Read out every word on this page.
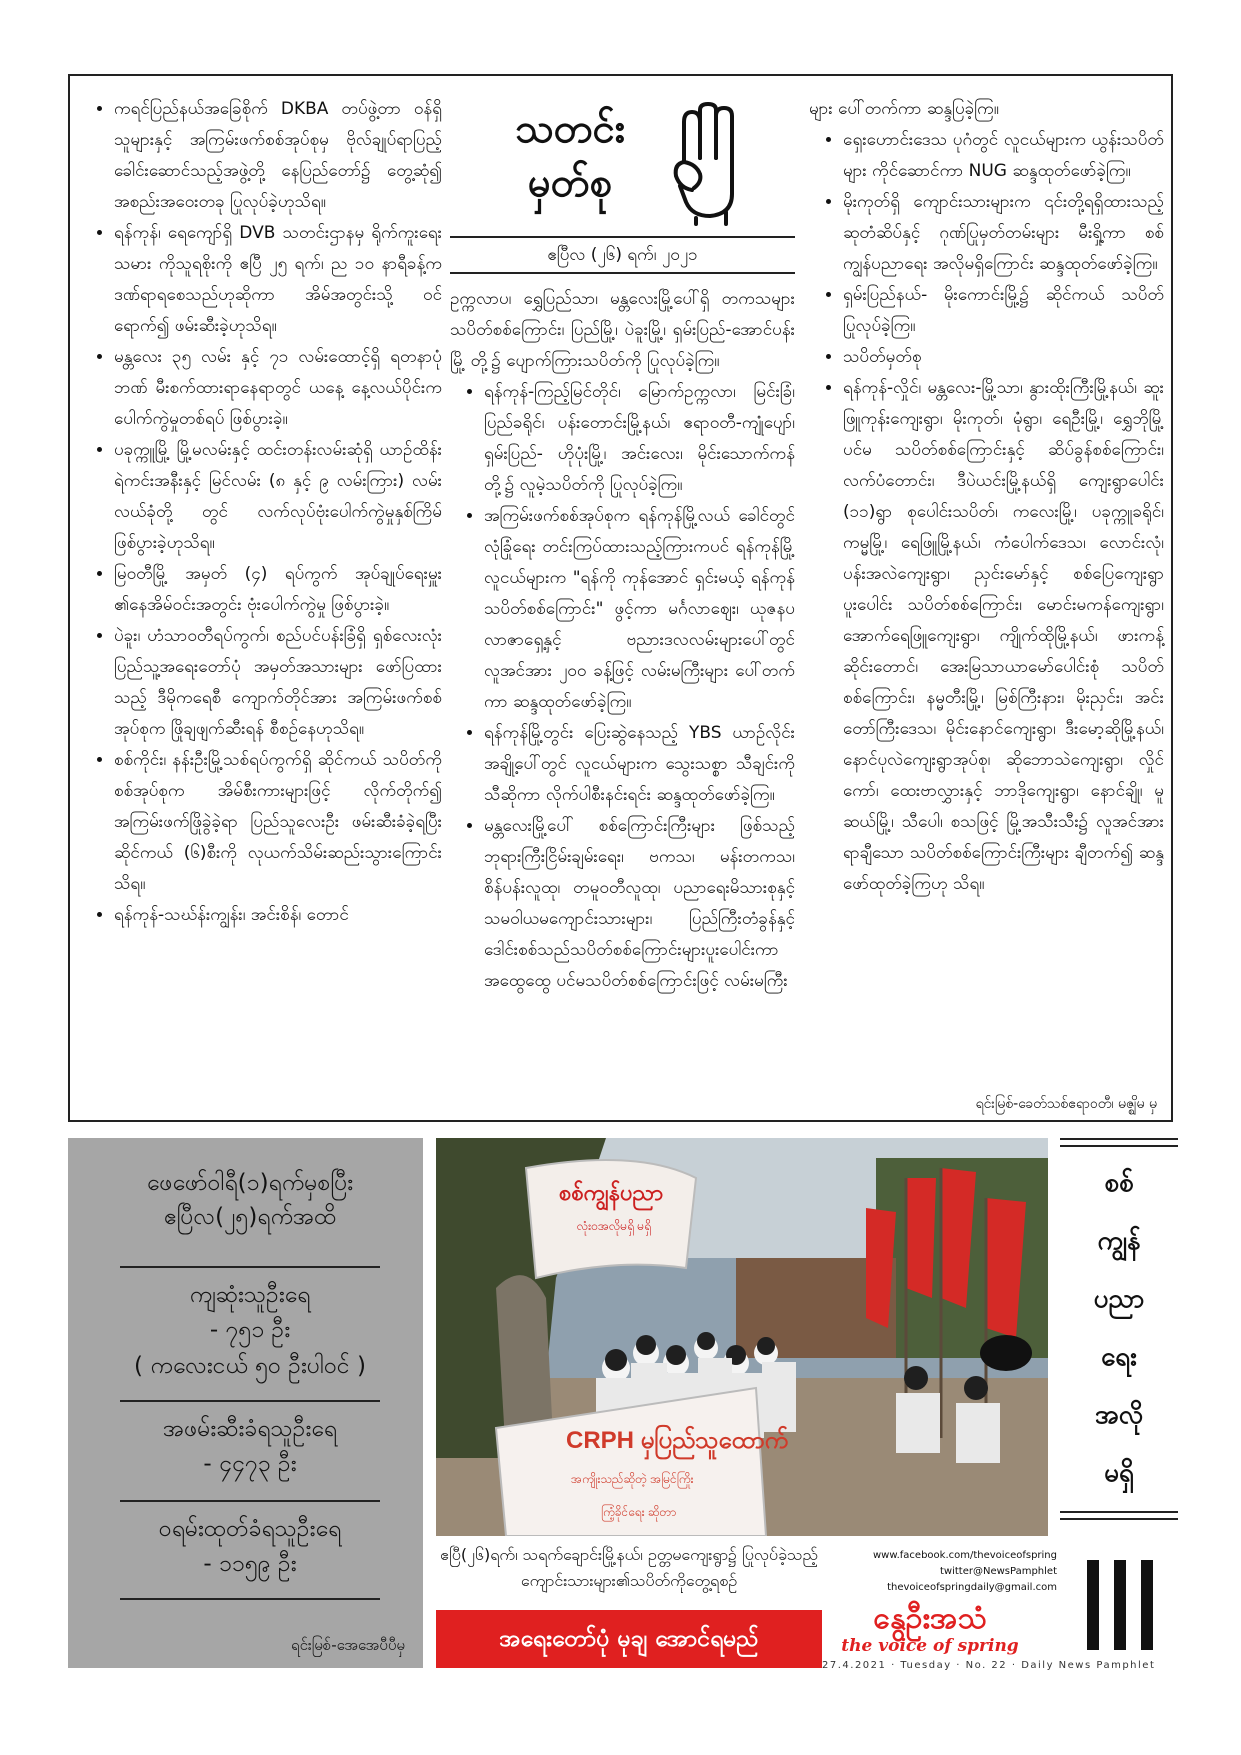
• ကရင်ပြည်နယ်အခြေစိုက် DKBA တပ်ဖွဲ့တာ ဝန်ရှိသူများနှင့် အကြမ်းဖက်စစ်အုပ်စုမှ ဗိုလ်ချုပ်ရာပြည့် ခေါင်းဆောင်သည့်အဖွဲ့တို့ နေပြည်တော်၌ တွေ့ဆုံ၍ အစည်းအဝေးတခု ပြုလုပ်ခဲ့ဟုသိရ။
• ရန်ကုန်၊ ရေကျော်ရှိ DVB သတင်းဌာနမှ ရိုက်ကူးရေးသမား ကိုသူရစိုးကို ဧပြီ ၂၅ ရက်၊ ည ၁၀ နာရီခန့်က ဒဏ်ရာရစေသည်ဟုဆိုကာ အိမ်အတွင်းသို့ ဝင်ရောက်၍ ဖမ်းဆီးခဲ့ဟုသိရ။
• မန္တလေး ၃၅ လမ်း နှင့် ၇၁ လမ်းထောင့်ရှိ ရတနာပုံဘဏ် မီးစက်ထားရာနေရာတွင် ယနေ့ နေ့လယ်ပိုင်းက ပေါက်ကွဲမှုတစ်ရပ် ဖြစ်ပွားခဲ့။
• ပခုက္ကူမြို့ မြို့မလမ်းနှင့် ထင်းတန်းလမ်းဆုံရှိ ယာဉ်ထိန်းရဲကင်းအနီးနှင့် မြင်လမ်း (၈ နှင့် ၉ လမ်းကြား) လမ်းလယ်ခုံတို့ တွင် လက်လုပ်ဗုံးပေါက်ကွဲမှုနှစ်ကြိမ် ဖြစ်ပွားခဲ့ဟုသိရ။
• မြဝတီမြို့ အမှတ် (၄) ရပ်ကွက် အုပ်ချုပ်ရေးမှူး ၏နေအိမ်ဝင်းအတွင်း ဗုံးပေါက်ကွဲမှု ဖြစ်ပွားခဲ့။
• ပဲခူး၊ ဟံသာဝတီရပ်ကွက်၊ စည်ပင်ပန်းခြံရှိ ရှစ်လေးလုံး ပြည်သူ့အရေးတော်ပုံ အမှတ်အသားများ ဖော်ပြထားသည့် ဒီမိုကရေစီ ကျောက်တိုင်အား အကြမ်းဖက်စစ်အုပ်စုက ဖြိုချဖျက်ဆီးရန် စီစဉ်နေဟုသိရ။
• စစ်ကိုင်း၊ နန်းဦးမြို့သစ်ရပ်ကွက်ရှိ ဆိုင်ကယ် သပိတ်ကို စစ်အုပ်စုက အိမ်စီးကားများဖြင့် လိုက်တိုက်၍ အကြမ်းဖက်ဖြိုခွဲခဲ့ရာ ပြည်သူလေးဦး ဖမ်းဆီးခံခဲ့ရပြီး ဆိုင်ကယ် (၆)စီးကို လုယက်သိမ်းဆည်းသွားကြောင်း သိရ။
• ရန်ကုန်-သဃ်န်းကျွန်း၊ အင်းစိန်၊ တောင်
သတင်း
မှတ်စု
ဧပြီလ (၂၆) ရက်၊ ၂၀၂၁

ဥက္ကလာပ၊ ရွှေပြည်သာ၊ မန္တလေးမြို့ပေါ်ရှိ တကသများ သပိတ်စစ်ကြောင်း၊ ပြည်မြို့၊ ပဲခူးမြို့၊ ရှမ်းပြည်-အောင်ပန်းမြို့ တို့၌ ပျောက်ကြားသပိတ်ကို ပြုလုပ်ခဲ့ကြ။

• ရန်ကုန်-ကြည့်မြင်တိုင်၊ မြောက်ဥက္ကလာ၊ မြင်းခြံ၊ ပြည်ခရိုင်၊ ပန်းတောင်းမြို့နယ်၊ ဧရာဝတီ-ကျုံပျော်၊ ရှမ်းပြည်- ဟိုပုံးမြို့၊ အင်းလေး၊ မိုင်းသောက်ကန် တို့၌ လူမဲ့သပိတ်ကို ပြုလုပ်ခဲ့ကြ။
• အကြမ်းဖက်စစ်အုပ်စုက ရန်ကုန်မြို့လယ် ခေါင်တွင် လုံခြုံရေး တင်းကြပ်ထားသည့်ကြားကပင် ရန်ကုန်မြို့လူငယ်များက "ရန်ကို ကုန်အောင် ရှင်းမယ့် ရန်ကုန်သပိတ်စစ်ကြောင်း" ဖွင့်ကာ မင်္ဂလာဈေး၊ ယုဇနပလာဇာရှေ့နှင့် ဗညားဒလလမ်းများပေါ်တွင် လူအင်အား ၂၀၀ ခန့်ဖြင့် လမ်းမကြီးများ ပေါ်တက်ကာ ဆန္ဒထုတ်ဖော်ခဲ့ကြ။
• ရန်ကုန်မြို့တွင်း ပြေးဆွဲနေသည့် YBS ယာဉ်လိုင်းအချို့ပေါ်တွင် လူငယ်များက သွေးသစ္စာ သီချင်းကို သီဆိုကာ လိုက်ပါစီးနင်းရင်း ဆန္ဒထုတ်ဖော်ခဲ့ကြ။
• မန္တလေးမြို့ပေါ် စစ်ကြောင်းကြီးများ ဖြစ်သည့် ဘုရားကြီးငြိမ်းချမ်းရေး၊ ဗကသ၊ မန်းတကသ၊ စိန်ပန်းလူထု၊ တမူဝတီလူထု၊ ပညာရေးမိသားစုနှင့် သမဝါယမကျောင်းသားများ၊ ပြည်ကြီးတံခွန်နှင့် ဒေါင်းစစ်သည်သပိတ်စစ်ကြောင်းများပူးပေါင်းကာ အထွေထွေ ပင်မသပိတ်စစ်ကြောင်းဖြင့် လမ်းမကြီး

များ ပေါ်တက်ကာ ဆန္ဒပြခဲ့ကြ။

• ရှေးဟောင်းဒေသ ပုဂံတွင် လူငယ်များက ယွန်းသပိတ်များ ကိုင်ဆောင်ကာ NUG ဆန္ဒထုတ်ဖော်ခဲ့ကြ။
• မိုးကုတ်ရှိ ကျောင်းသားများက ၎င်းတို့ရရှိထားသည့် ဆုတံဆိပ်နှင့် ဂုဏ်ပြုမှတ်တမ်းများ မီးရှို့ကာ စစ်ကျွန်ပညာရေး အလိုမရှိကြောင်း ဆန္ဒထုတ်ဖော်ခဲ့ကြ။
• ရှမ်းပြည်နယ်- မိုးကောင်းမြို့၌ ဆိုင်ကယ် သပိတ်ပြုလုပ်ခဲ့ကြ။
• သပိတ်မှတ်စု
• ရန်ကုန်-လှိုင်၊ မန္တလေး-မြို့သာ၊ နွားထိုးကြီးမြို့နယ်၊ ဆူးဖြူကုန်းကျေးရွာ၊ မိုးကုတ်၊ မုံရွာ၊ ရေဦးမြို့၊ ရွှေဘိုမြို့ပင်မ သပိတ်စစ်ကြောင်းနှင့် ဆိပ်ခွန်စစ်ကြောင်း၊ လက်ပံတောင်း၊ ဒီပဲယင်းမြို့နယ်ရှိ ကျေးရွာပေါင်း (၁၁)ရွာ စုပေါင်းသပိတ်၊ ကလေးမြို့၊ ပခုက္ကူခရိုင်၊ ကမ္မမြို့၊ ရေဖြူမြို့နယ်၊ ကံပေါက်ဒေသ၊ လောင်းလုံ၊ ပန်းအလဲကျေးရွာ၊ ညှင်းမော်နှင့် စစ်ပြေကျေးရွာ ပူးပေါင်း သပိတ်စစ်ကြောင်း၊ မောင်းမကန်ကျေးရွာ၊ အောက်ရေဖြူကျေးရွာ၊ ကျိုက်ထိုမြို့နယ်၊ ဖားကန့်ဆိုင်းတောင်၊ အေးမြသာယာမော်ပေါင်းစုံ သပိတ်စစ်ကြောင်း၊ နမ္မတီးမြို့၊ မြစ်ကြီးနား၊ မိုးညှင်း၊ အင်းတော်ကြီးဒေသ၊ မိုင်းနောင်ကျေးရွာ၊ ဒီးမော့ဆိုမြို့နယ်၊ နောင်ပုလဲကျေးရွာအုပ်စု၊ ဆိုဘောသဲကျေးရွာ၊ လှိုင်ကော်၊ ထေးဗာလွှားနှင့် ဘာဒိုကျေးရွာ၊ နောင်ချို၊ မူဆယ်မြို့၊ သီပေါ၊ စသဖြင့် မြို့အသီးသီး၌ လူအင်အား ရာချီသော သပိတ်စစ်ကြောင်းကြီးများ ချီတက်၍ ဆန္ဒဖော်ထုတ်ခဲ့ကြဟု သိရ။
ရင်းမြစ်-ခေတ်သစ်ဧရာဝတီ၊ မဇ္ဈိမ မှ
ဖေဖော်ဝါရီ(၁)ရက်မှစပြီး ဧပြီလ(၂၅)ရက်အထိ
ကျဆုံးသူဦးရေ
- ၇၅၁ ဦး
( ကလေးငယ် ၅၀ ဦးပါဝင် )
အဖမ်းဆီးခံရသူဦးရေ
- ၄၄၇၃ ဦး
ဝရမ်းထုတ်ခံရသူဦးရေ
- ၁၁၅၉ ဦး
ရင်းမြစ်-အေအေပီပီမှ
စစ်ကျွန်ပညာ
လုံးဝအလိုမရှိ မရှိ
CRPH မှပြည်သူထောက်
အကျိုးသည်ဆိုတဲ့ အမြင်ကြိုး
ကြံ့ခိုင်ရေး ဆိုတာ
ဧပြီ(၂၆)ရက်၊ သရက်ချောင်းမြို့နယ်၊ ဥတ္တမကျေးရွာ၌ ပြုလုပ်ခဲ့သည့် ကျောင်းသားများ၏သပိတ်ကိုတွေ့ရစဉ်
အရေးတော်ပုံ မုချ အောင်ရမည်
စစ်
ကျွန်
ပညာ
ရေး
အလို
မရှိ
www.facebook.com/thevoiceofspring
twitter@NewsPamphlet
thevoiceofspringdaily@gmail.com
နွေဦးအသံ
the voice of spring
27.4.2021 · Tuesday · No. 22 · Daily News Pamphlet
